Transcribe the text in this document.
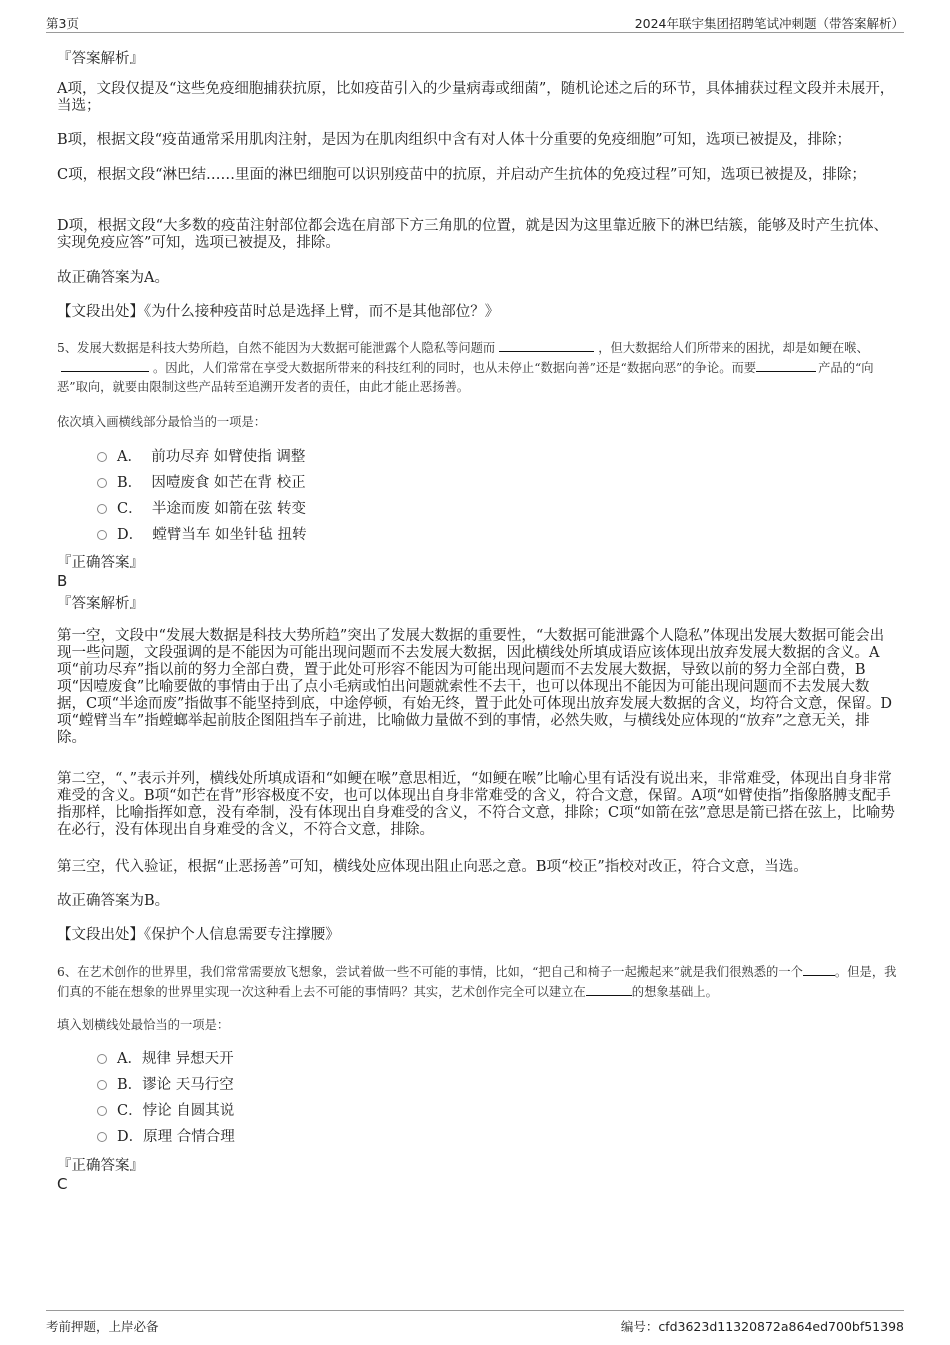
第3页	2024年联宇集团招聘笔试冲刺题（带答案解析）
『答案解析』
A项，文段仅提及“这些免疫细胞捕获抗原，比如疫苗引入的少量病毒或细菌”，随机论述之后的环节，具体捕获过程文段并未展开，当选；
B项，根据文段“疫苗通常采用肌肉注射，是因为在肌肉组织中含有对人体十分重要的免疫细胞”可知，选项已被提及，排除；
C项，根据文段“淋巴结……里面的淋巴细胞可以识别疫苗中的抗原，并启动产生抗体的免疫过程”可知，选项已被提及，排除；
D项，根据文段“大多数的疫苗注射部位都会选在肩部下方三角肌的位置，就是因为这里靠近腋下的淋巴结簇，能够及时产生抗体、实现免疫应答”可知，选项已被提及，排除。
故正确答案为A。
【文段出处】《为什么接种疫苗时总是选择上臂，而不是其他部位？》
5、发展大数据是科技大势所趋，自然不能因为大数据可能泄露个人隐私等问题而	，但大数据给人们所带来的困扰，却是如鲠在喉、。因此，人们常常在享受大数据所带来的科技红利的同时，也从未停止“数据向善”还是“数据向恶”的争论。而要	产品的“向恶”取向，就要由限制这些产品转至追溯开发者的责任，由此才能止恶扬善。
依次填入画横线部分最恰当的一项是：
A． 前功尽弃 如臂使指 调整
B． 因噎废食 如芒在背 校正
C． 半途而废 如箭在弦 转变
D． 螳臂当车 如坐针毡 扭转
『正确答案』
B
『答案解析』
第一空，文段中“发展大数据是科技大势所趋”突出了发展大数据的重要性，“大数据可能泄露个人隐私”体现出发展大数据可能会出现一些问题，文段强调的是不能因为可能出现问题而不去发展大数据，因此横线处所填成语应该体现出放弃发展大数据的含义。A项“前功尽弃”指以前的努力全部白费，置于此处可形容不能因为可能出现问题而不去发展大数据，导致以前的努力全部白费，B项“因噎废食”比喻要做的事情由于出了点小毛病或怕出问题就索性不去干，也可以体现出不能因为可能出现问题而不去发展大数据，C项“半途而废”指做事不能坚持到底，中途停顿，有始无终，置于此处可体现出放弃发展大数据的含义，均符合文意，保留。D项“螳臂当车”指螳螂举起前肢企图阻挡车子前进，比喻做力量做不到的事情，必然失败，与横线处应体现的“放弃”之意无关，排除。
第二空，“、”表示并列，横线处所填成语和“如鲠在喉”意思相近，“如鲠在喉”比喻心里有话没有说出来，非常难受，体现出自身非常难受的含义。B项“如芒在背”形容极度不安，也可以体现出自身非常难受的含义，符合文意，保留。A项“如臂使指”指像胳膊支配手指那样，比喻指挥如意，没有牵制，没有体现出自身难受的含义，不符合文意，排除；C项“如箭在弦”意思是箭已搭在弦上，比喻势在必行，没有体现出自身难受的含义，不符合文意，排除。
第三空，代入验证，根据“止恶扬善”可知，横线处应体现出阻止向恶之意。B项“校正”指校对改正，符合文意，当选。
故正确答案为B。
【文段出处】《保护个人信息需要专注撑腰》
6、在艺术创作的世界里，我们常常需要放飞想象，尝试着做一些不可能的事情，比如，“把自己和椅子一起搬起来”就是我们很熟悉的一个	。但是，我们真的不能在想象的世界里实现一次这种看上去不可能的事情吗？其实，艺术创作完全可以建立在	的想象基础上。
填入划横线处最恰当的一项是：
A．规律 异想天开
B．谬论 天马行空
C．悖论 自圆其说
D．原理 合情合理
『正确答案』
C
考前押题，上岸必备	编号：cfd3623d11320872a864ed700bf51398
